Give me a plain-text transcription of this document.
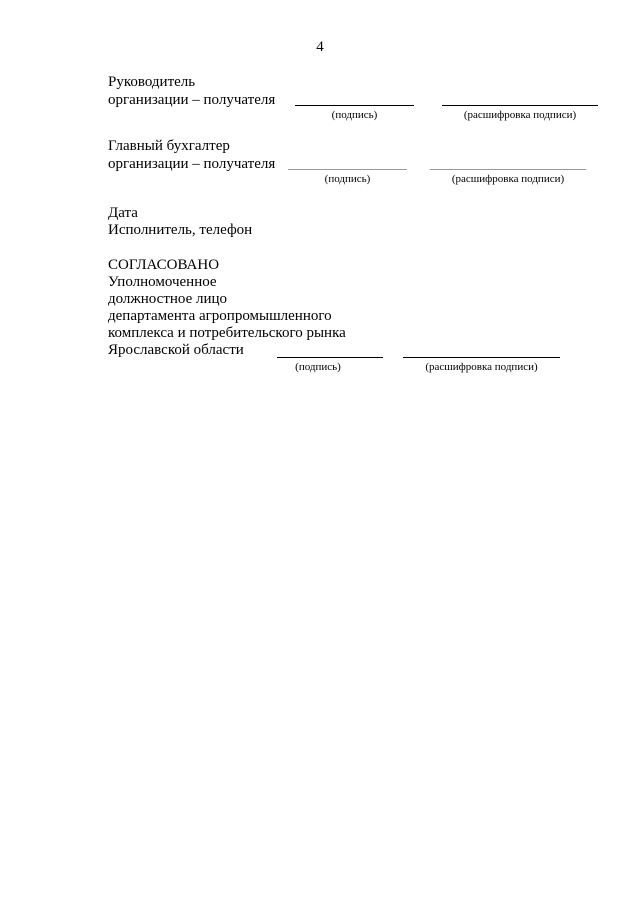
4
Руководитель
организации – получателя
(подпись)	(расшифровка подписи)
Главный бухгалтер
организации – получателя
(подпись)	(расшифровка подписи)
Дата
Исполнитель, телефон
СОГЛАСОВАНО
Уполномоченное
должностное лицо
департамента агропромышленного
комплекса и потребительского рынка
Ярославской области
(подпись)	(расшифровка подписи)
